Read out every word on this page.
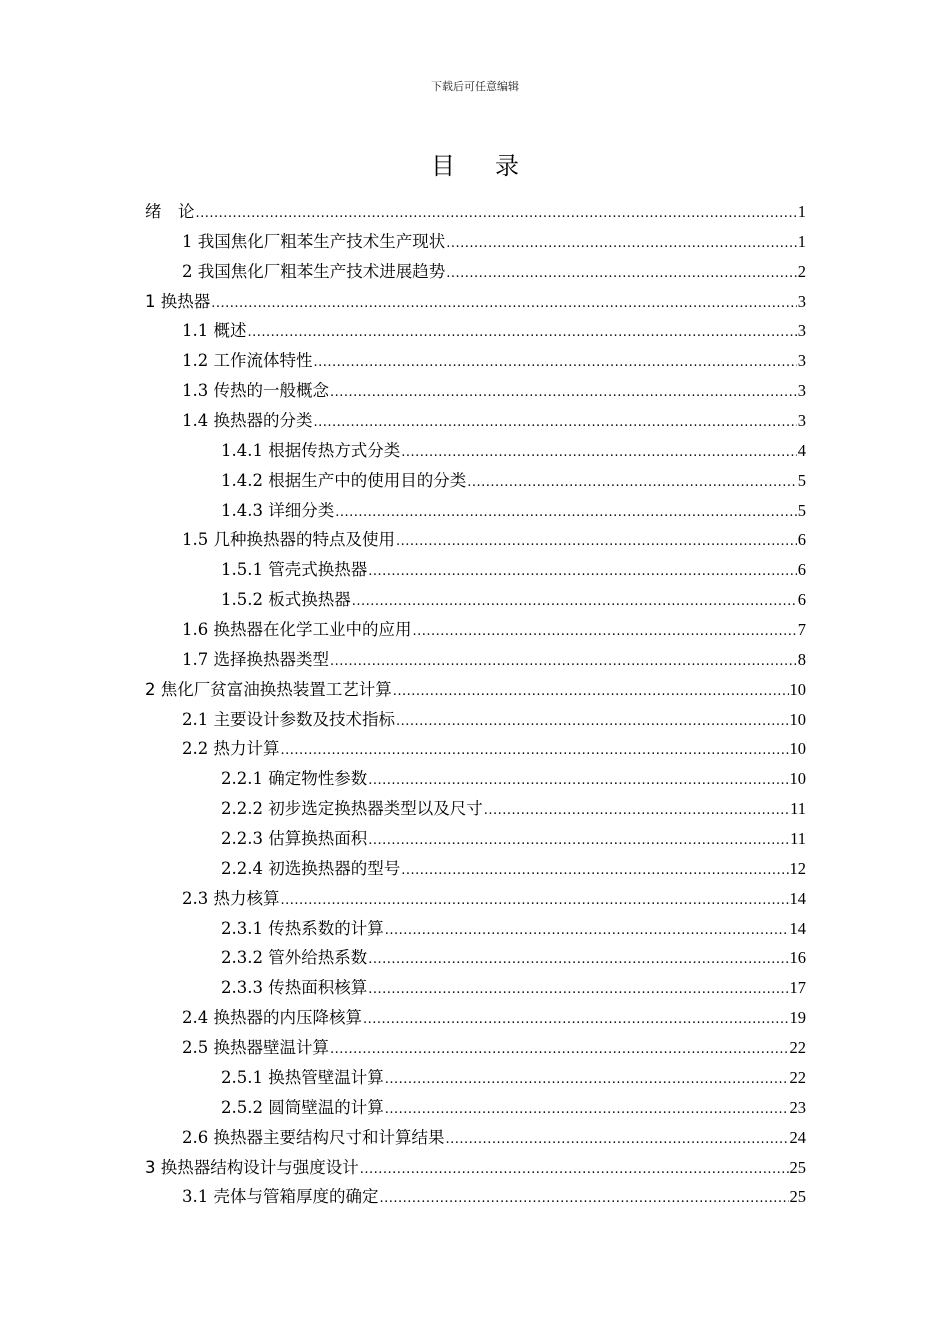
下载后可任意编辑
目录
绪　论 .....	1
1 我国焦化厂粗苯生产技术生产现状 .....	1
2 我国焦化厂粗苯生产技术进展趋势 .....	2
1 换热器 .....	3
1.1 概述 .....	3
1.2 工作流体特性 .....	3
1.3 传热的一般概念 .....	3
1.4 换热器的分类 .....	3
1.4.1 根据传热方式分类 .....	4
1.4.2 根据生产中的使用目的分类 .....	5
1.4.3 详细分类 .....	5
1.5 几种换热器的特点及使用 .....	6
1.5.1 管壳式换热器 .....	6
1.5.2 板式换热器 .....	6
1.6 换热器在化学工业中的应用 .....	7
1.7 选择换热器类型 .....	8
2 焦化厂贫富油换热装置工艺计算 .....	10
2.1 主要设计参数及技术指标 .....	10
2.2 热力计算 .....	10
2.2.1 确定物性参数 .....	10
2.2.2 初步选定换热器类型以及尺寸 .....	11
2.2.3 估算换热面积 .....	11
2.2.4 初选换热器的型号 .....	12
2.3 热力核算 .....	14
2.3.1 传热系数的计算 .....	14
2.3.2 管外给热系数 .....	16
2.3.3 传热面积核算 .....	17
2.4 换热器的内压降核算 .....	19
2.5 换热器壁温计算 .....	22
2.5.1 换热管壁温计算 .....	22
2.5.2 圆筒壁温的计算 .....	23
2.6 换热器主要结构尺寸和计算结果 .....	24
3 换热器结构设计与强度设计 .....	25
3.1 壳体与管箱厚度的确定 .....	25
